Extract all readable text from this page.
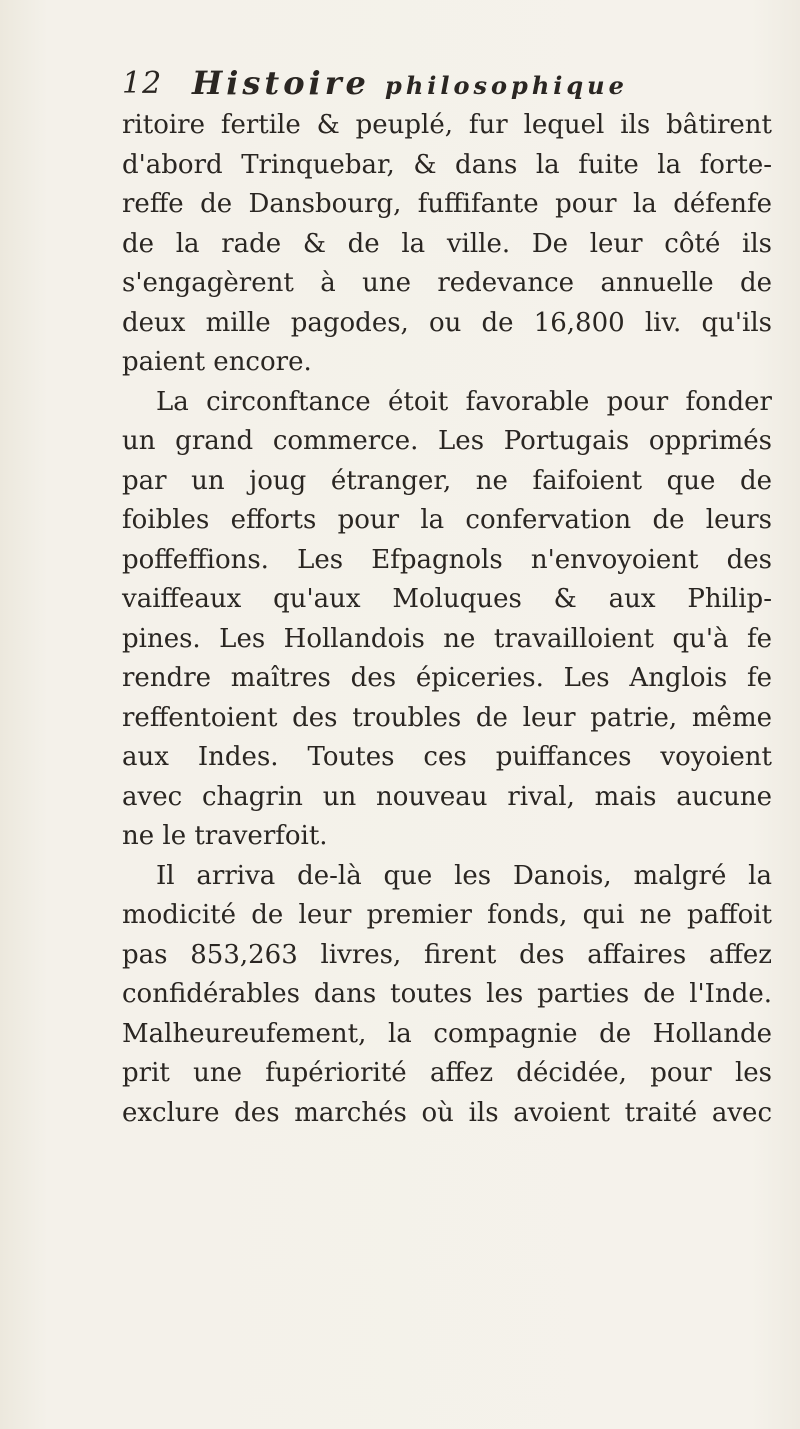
12 Histoire philosophique
ritoire fertile & peuplé, fur lequel ils bâtirent
d'abord Trinquebar, & dans la fuite la forte-
reffe de Dansbourg, fuffifante pour la défenfe
de la rade & de la ville. De leur côté ils
s'engagèrent à une redevance annuelle de
deux mille pagodes, ou de 16,800 liv. qu'ils
paient encore.
La circonftance étoit favorable pour fonder
un grand commerce. Les Portugais opprimés
par un joug étranger, ne faifoient que de
foibles efforts pour la confervation de leurs
poffeffions. Les Efpagnols n'envoyoient des
vaiffeaux qu'aux Moluques & aux Philip-
pines. Les Hollandois ne travailloient qu'à fe
rendre maîtres des épiceries. Les Anglois fe
reffentoient des troubles de leur patrie, même
aux Indes. Toutes ces puiffances voyoient
avec chagrin un nouveau rival, mais aucune
ne le traverfoit.
Il arriva de-là que les Danois, malgré la
modicité de leur premier fonds, qui ne paffoit
pas 853,263 livres, firent des affaires affez
confidérables dans toutes les parties de l'Inde.
Malheureufement, la compagnie de Hollande
prit une fupériorité affez décidée, pour les
exclure des marchés où ils avoient traité avec
